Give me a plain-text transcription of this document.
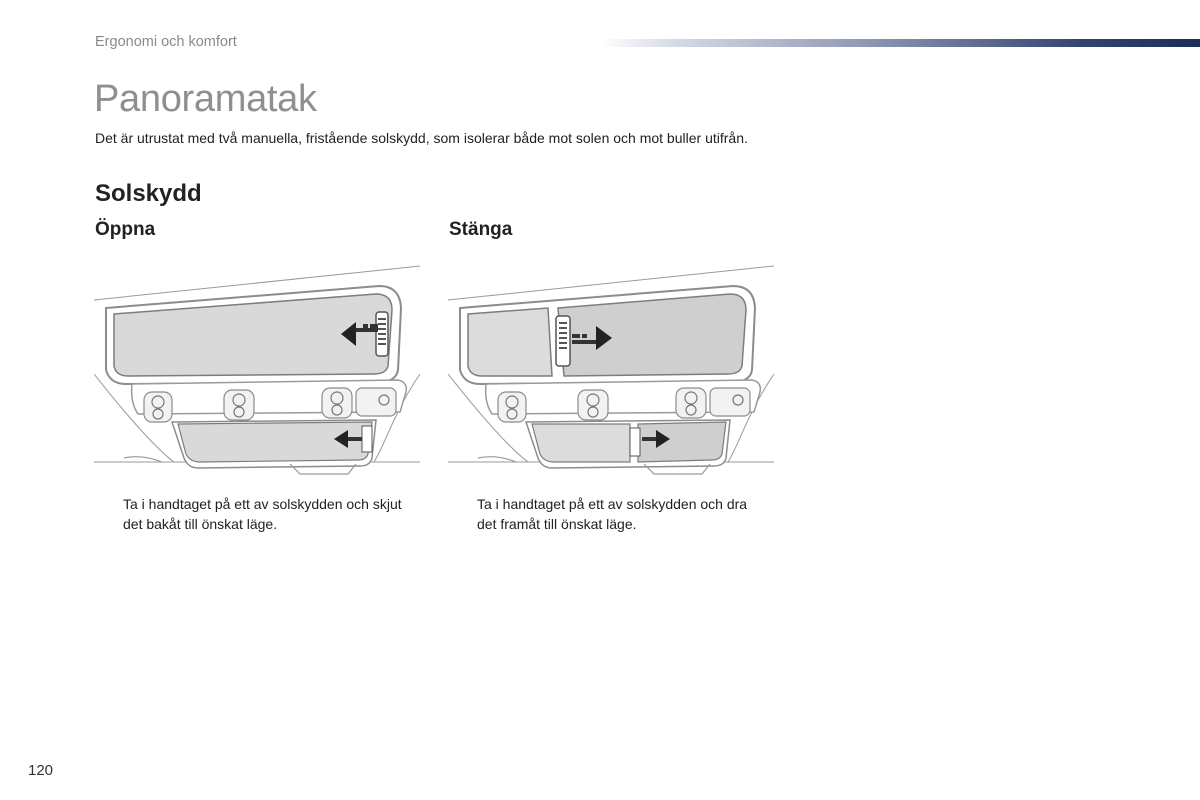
Ergonomi och komfort
Panoramatak

Det är utrustat med två manuella, fristående solskydd, som isolerar både mot solen och mot buller utifrån.

Solskydd
Öppna	Stänga
Ta i handtaget på ett av solskydden och skjut det bakåt till önskat läge.
Ta i handtaget på ett av solskydden och dra det framåt till önskat läge.
120
